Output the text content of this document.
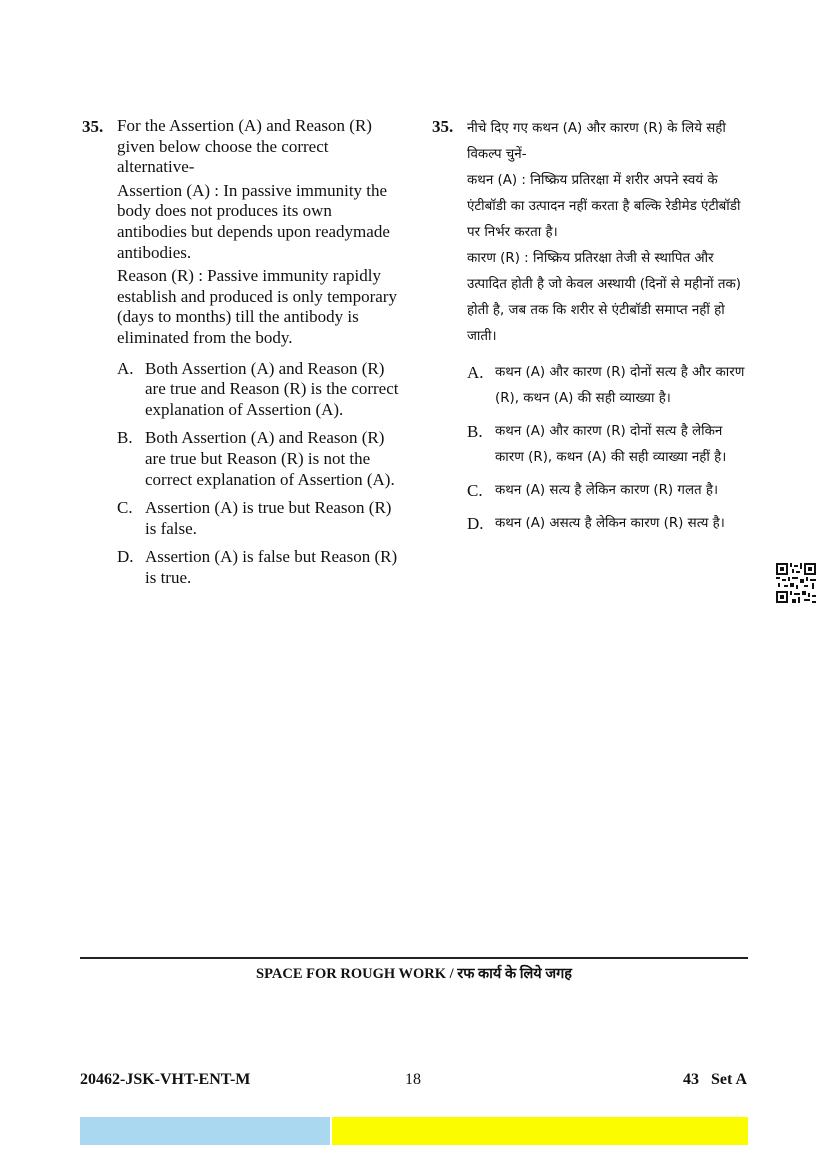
35. For the Assertion (A) and Reason (R) given below choose the correct alternative-

Assertion (A) : In passive immunity the body does not produces its own antibodies but depends upon readymade antibodies.

Reason (R) : Passive immunity rapidly establish and produced is only temporary (days to months) till the antibody is eliminated from the body.

A. Both Assertion (A) and Reason (R) are true and Reason (R) is the correct explanation of Assertion (A).
B. Both Assertion (A) and Reason (R) are true but Reason (R) is not the correct explanation of Assertion (A).
C. Assertion (A) is true but Reason (R) is false.
D. Assertion (A) is false but Reason (R) is true.
35.	नीचे दिए गए कथन (A) और कारण (R) के लिये सही विकल्प चुनें-

कथन (A) : निष्क्रिय प्रतिरक्षा में शरीर अपने स्वयं के एंटीबॉडी का उत्पादन नहीं करता है बल्कि रेडीमेड एंटीबॉडी पर निर्भर करता है।

कारण (R) : निष्क्रिय प्रतिरक्षा तेजी से स्थापित और उत्पादित होती है जो केवल अस्थायी (दिनों से महीनों तक) होती है, जब तक कि शरीर से एंटीबॉडी समाप्त नहीं हो जाती।

A. कथन (A) और कारण (R) दोनों सत्य है और कारण (R), कथन (A) की सही व्याख्या है।
B. कथन (A) और कारण (R) दोनों सत्य है लेकिन कारण (R), कथन (A) की सही व्याख्या नहीं है।
C. कथन (A) सत्य है लेकिन कारण (R) गलत है।
D. कथन (A) असत्य है लेकिन कारण (R) सत्य है।
SPACE FOR ROUGH WORK / रफ कार्य के लिये जगह
20462-JSK-VHT-ENT-M	18	43   Set A
